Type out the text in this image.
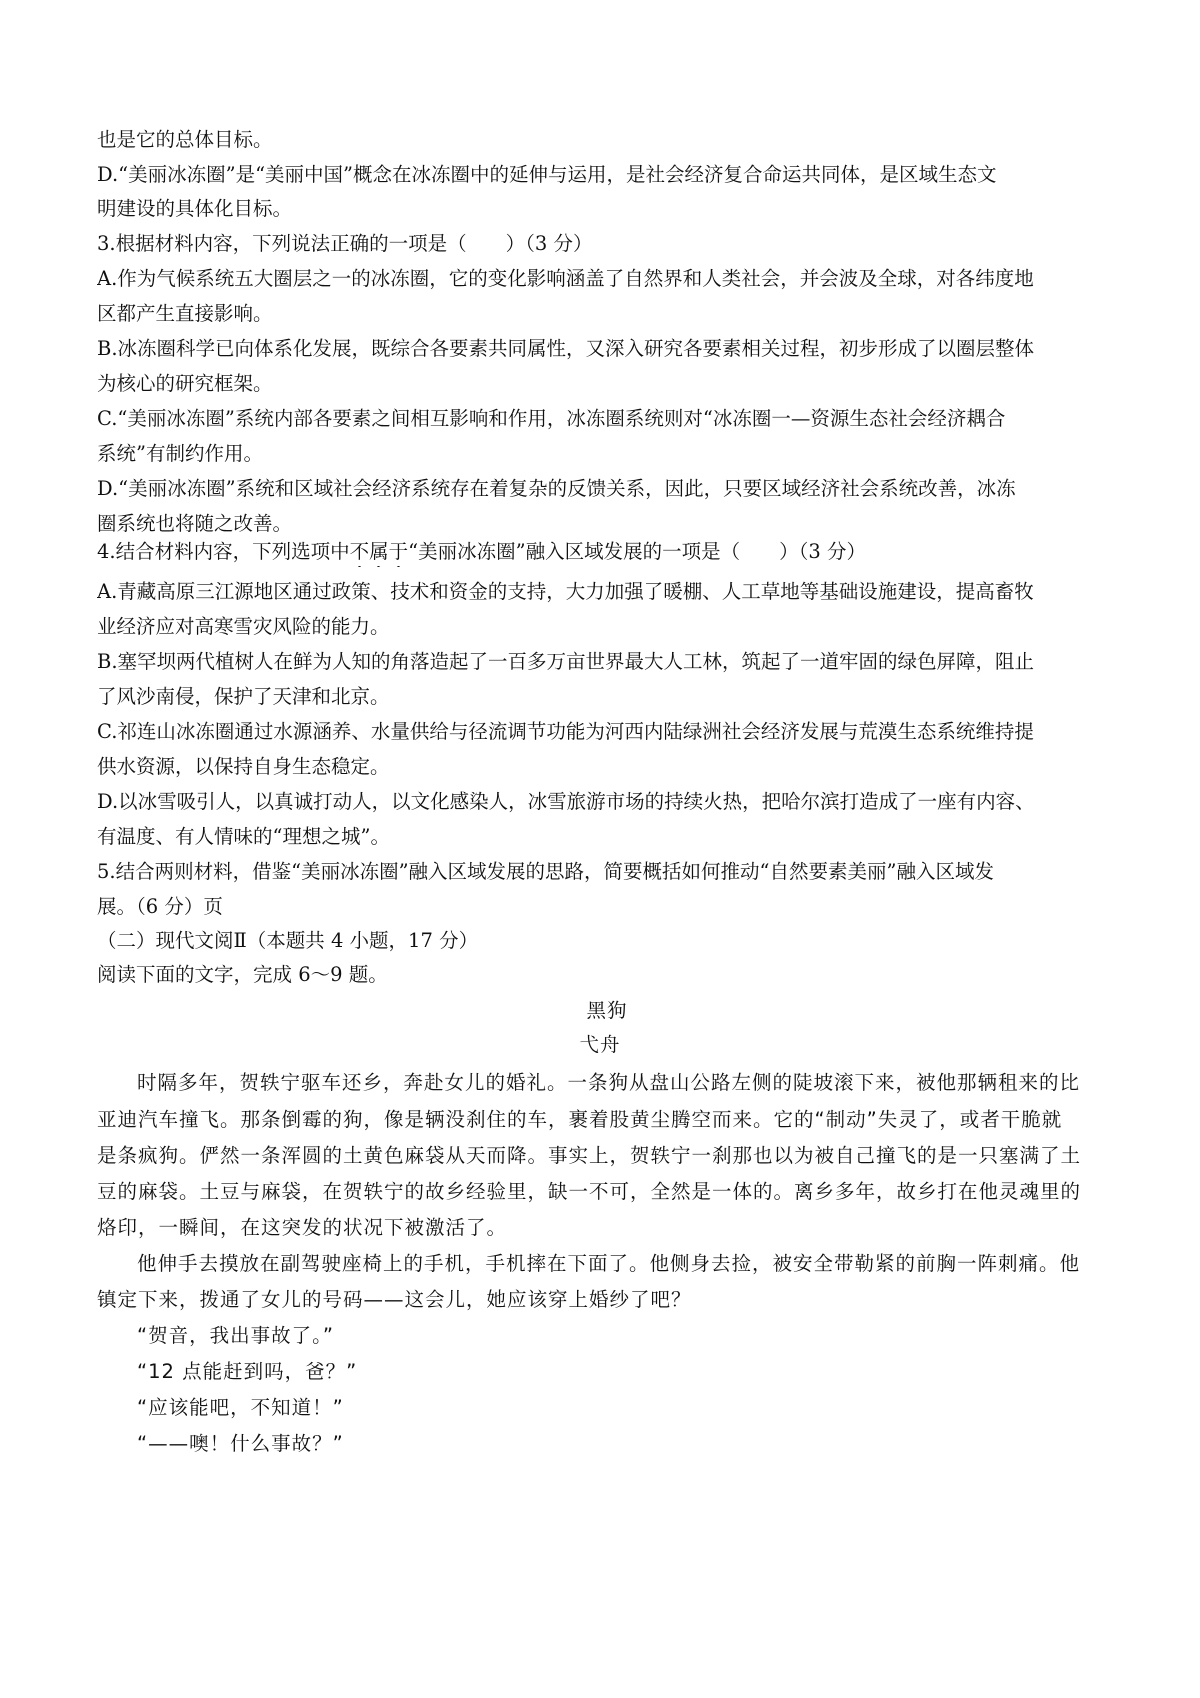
也是它的总体目标。
D.“美丽冰冻圈”是“美丽中国”概念在冰冻圈中的延伸与运用，是社会经济复合命运共同体，是区域生态文
明建设的具体化目标。
3.根据材料内容，下列说法正确的一项是（　　）（3 分）
A.作为气候系统五大圈层之一的冰冻圈，它的变化影响涵盖了自然界和人类社会，并会波及全球，对各纬度地
区都产生直接影响。
B.冰冻圈科学已向体系化发展，既综合各要素共同属性，又深入研究各要素相关过程，初步形成了以圈层整体
为核心的研究框架。
C.“美丽冰冻圈”系统内部各要素之间相互影响和作用，冰冻圈系统则对“冰冻圈一—资源生态社会经济耦合
系统”有制约作用。
D.“美丽冰冻圈”系统和区域社会经济系统存在着复杂的反馈关系，因此，只要区域经济社会系统改善，冰冻
圈系统也将随之改善。
4.结合材料内容，下列选项中不属于“美丽冰冻圈”融入区域发展的一项是（　　）（3 分）
A.青藏高原三江源地区通过政策、技术和资金的支持，大力加强了暖棚、人工草地等基础设施建设，提高畜牧
业经济应对高寒雪灾风险的能力。
B.塞罕坝两代植树人在鲜为人知的角落造起了一百多万亩世界最大人工林，筑起了一道牢固的绿色屏障，阻止
了风沙南侵，保护了天津和北京。
C.祁连山冰冻圈通过水源涵养、水量供给与径流调节功能为河西内陆绿洲社会经济发展与荒漠生态系统维持提
供水资源，以保持自身生态稳定。
D.以冰雪吸引人，以真诚打动人，以文化感染人，冰雪旅游市场的持续火热，把哈尔滨打造成了一座有内容、
有温度、有人情味的“理想之城”。
5.结合两则材料，借鉴“美丽冰冻圈”融入区域发展的思路，简要概括如何推动“自然要素美丽”融入区域发
展。（6 分）页
（二）现代文阅Ⅱ（本题共 4 小题，17 分）
阅读下面的文字，完成 6～9 题。
黑狗
弋舟
时隔多年，贺轶宁驱车还乡，奔赴女儿的婚礼。一条狗从盘山公路左侧的陡坡滚下来，被他那辆租来的比
亚迪汽车撞飞。那条倒霉的狗，像是辆没刹住的车，裹着股黄尘腾空而来。它的“制动”失灵了，或者干脆就
是条疯狗。俨然一条浑圆的土黄色麻袋从天而降。事实上，贺轶宁一刹那也以为被自己撞飞的是一只塞满了土
豆的麻袋。土豆与麻袋，在贺轶宁的故乡经验里，缺一不可，全然是一体的。离乡多年，故乡打在他灵魂里的
烙印，一瞬间，在这突发的状况下被激活了。
他伸手去摸放在副驾驶座椅上的手机，手机摔在下面了。他侧身去捡，被安全带勒紧的前胸一阵刺痛。他
镇定下来，拨通了女儿的号码——这会儿，她应该穿上婚纱了吧？
“贺音，我出事故了。”
“12 点能赶到吗，爸？”
“应该能吧，不知道！”
“——噢！什么事故？”
